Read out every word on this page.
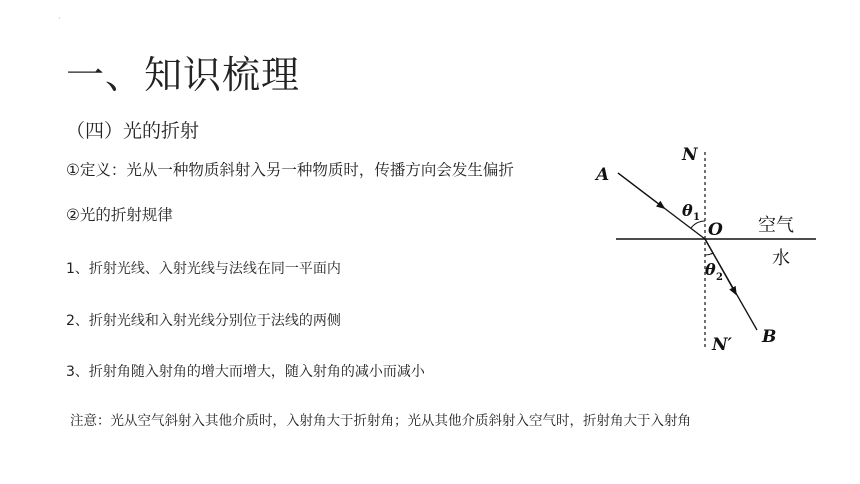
·
一、知识梳理
（四）光的折射
①定义：光从一种物质斜射入另一种物质时，传播方向会发生偏折
②光的折射规律
1、折射光线、入射光线与法线在同一平面内
2、折射光线和入射光线分别位于法线的两侧
3、折射角随入射角的增大而增大，随入射角的减小而减小
注意：光从空气斜射入其他介质时，入射角大于折射角；光从其他介质斜射入空气时，折射角大于入射角
N
N′
A
B
O
θ 1
θ 2
空气
水
